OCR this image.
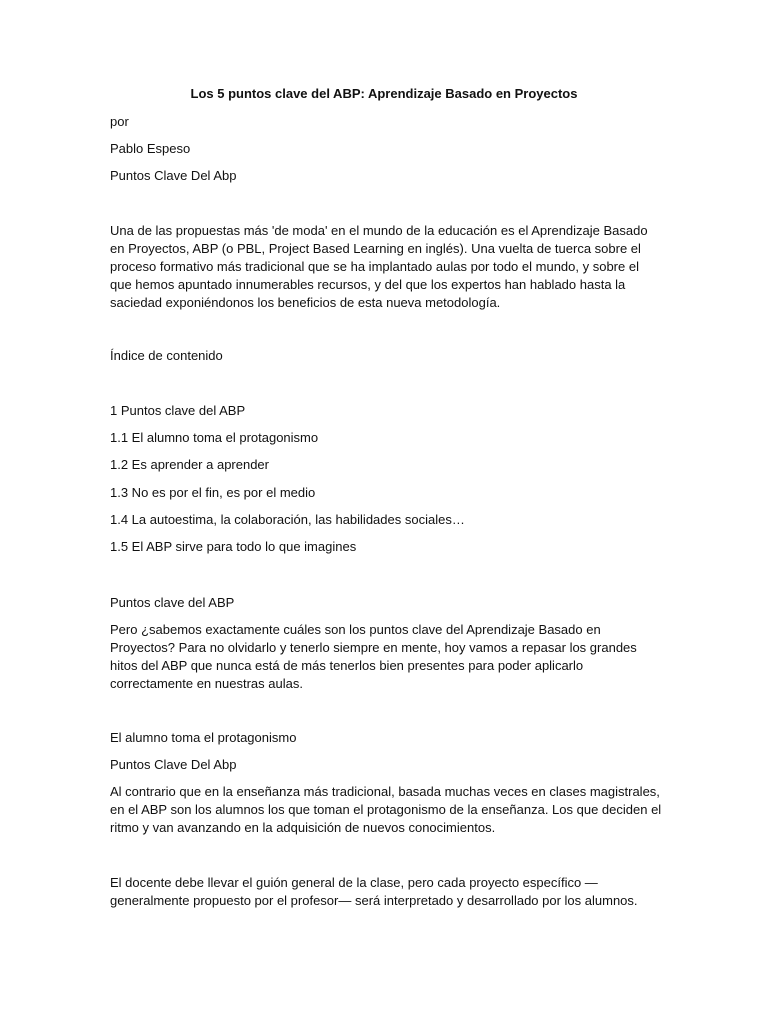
Los 5 puntos clave del ABP: Aprendizaje Basado en Proyectos
por
Pablo Espeso
Puntos Clave Del Abp
Una de las propuestas más 'de moda' en el mundo de la educación es el Aprendizaje Basado en Proyectos, ABP (o PBL, Project Based Learning en inglés). Una vuelta de tuerca sobre el proceso formativo más tradicional que se ha implantado aulas por todo el mundo, y sobre el que hemos apuntado innumerables recursos, y del que los expertos han hablado hasta la saciedad exponiéndonos los beneficios de esta nueva metodología.
Índice de contenido
1 Puntos clave del ABP
1.1 El alumno toma el protagonismo
1.2 Es aprender a aprender
1.3 No es por el fin, es por el medio
1.4 La autoestima, la colaboración, las habilidades sociales…
1.5 El ABP sirve para todo lo que imagines
Puntos clave del ABP
Pero ¿sabemos exactamente cuáles son los puntos clave del Aprendizaje Basado en Proyectos? Para no olvidarlo y tenerlo siempre en mente, hoy vamos a repasar los grandes hitos del ABP que nunca está de más tenerlos bien presentes para poder aplicarlo correctamente en nuestras aulas.
El alumno toma el protagonismo
Puntos Clave Del Abp
Al contrario que en la enseñanza más tradicional, basada muchas veces en clases magistrales, en el ABP son los alumnos los que toman el protagonismo de la enseñanza. Los que deciden el ritmo y van avanzando en la adquisición de nuevos conocimientos.
El docente debe llevar el guión general de la clase, pero cada proyecto específico —generalmente propuesto por el profesor— será interpretado y desarrollado por los alumnos.
